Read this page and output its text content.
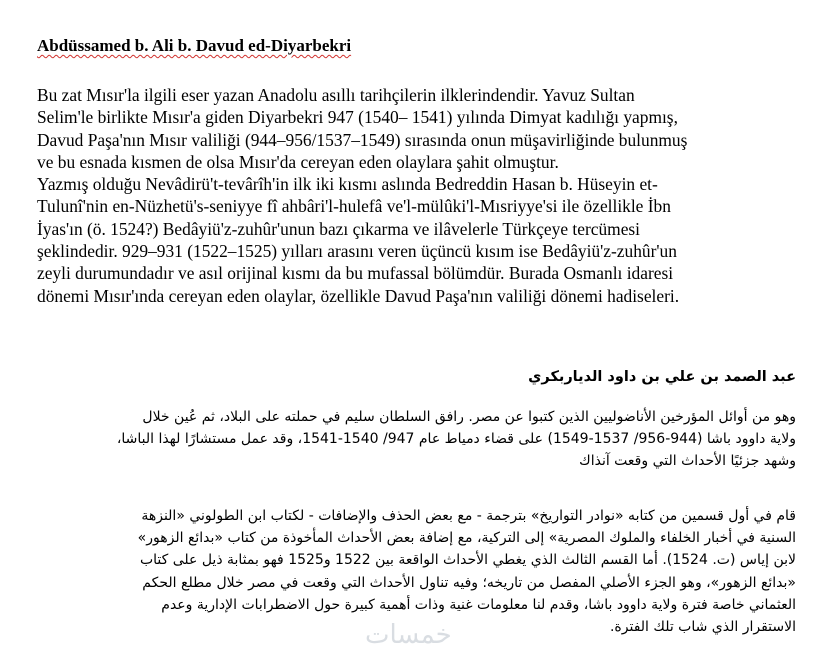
Abdüssamed b. Ali b. Davud ed-Diyarbekri

Bu zat Mısır'la ilgili eser yazan Anadolu asıllı tarihçilerin ilklerindendir. Yavuz Sultan
Selim'le birlikte Mısır'a giden Diyarbekri 947 (1540– 1541) yılında Dimyat kadılığı yapmış,
Davud Paşa'nın Mısır valiliği (944–956/1537–1549) sırasında onun müşavirliğinde bulunmuş
ve bu esnada kısmen de olsa Mısır'da cereyan eden olaylara şahit olmuştur.
Yazmış olduğu Nevâdirü't-tevârîh'in ilk iki kısmı aslında Bedreddin Hasan b. Hüseyin et-
Tulunî'nin en-Nüzhetü's-seniyye fî ahbâri'l-hulefâ ve'l-mülûki'l-Mısriyye'si ile özellikle İbn
İyas'ın (ö. 1524?) Bedâyiü'z-zuhûr'unun bazı çıkarma ve ilâvelerle Türkçeye tercümesi
şeklindedir. 929–931 (1522–1525) yılları arasını veren üçüncü kısım ise Bedâyiü'z-zuhûr'un
zeyli durumundadır ve asıl orijinal kısmı da bu mufassal bölümdür. Burada Osmanlı idaresi
dönemi Mısır'ında cereyan eden olaylar, özellikle Davud Paşa'nın valiliği dönemi hadiseleri.

عبد الصمد بن علي بن داود الدياربكري

وهو من أوائل المؤرخين الأناضوليين الذين كتبوا عن مصر. رافق السلطان سليم في حملته على البلاد، ثم عُين خلال
ولاية داوود باشا (944-956/ 1537-1549) على قضاء دمياط عام 947/ 1540-1541، وقد عمل مستشارًا لهذا الباشا،
وشهد جزئيًا الأحداث التي وقعت آنذاك

قام في أول قسمين من كتابه «نوادر التواريخ» بترجمة - مع بعض الحذف والإضافات - لكتاب ابن الطولوني «النزهة
السنية في أخبار الخلفاء والملوك المصرية» إلى التركية، مع إضافة بعض الأحداث المأخوذة من كتاب «بدائع الزهور»
لابن إياس (ت. 1524). أما القسم الثالث الذي يغطي الأحداث الواقعة بين 1522 و1525 فهو بمثابة ذيل على كتاب
«بدائع الزهور»، وهو الجزء الأصلي المفصل من تاريخه؛ وفيه تناول الأحداث التي وقعت في مصر خلال مطلع الحكم
العثماني خاصة فترة ولاية داوود باشا، وقدم لنا معلومات غنية وذات أهمية كبيرة حول الاضطرابات الإدارية وعدم
الاستقرار الذي شاب تلك الفترة.

خمسات
